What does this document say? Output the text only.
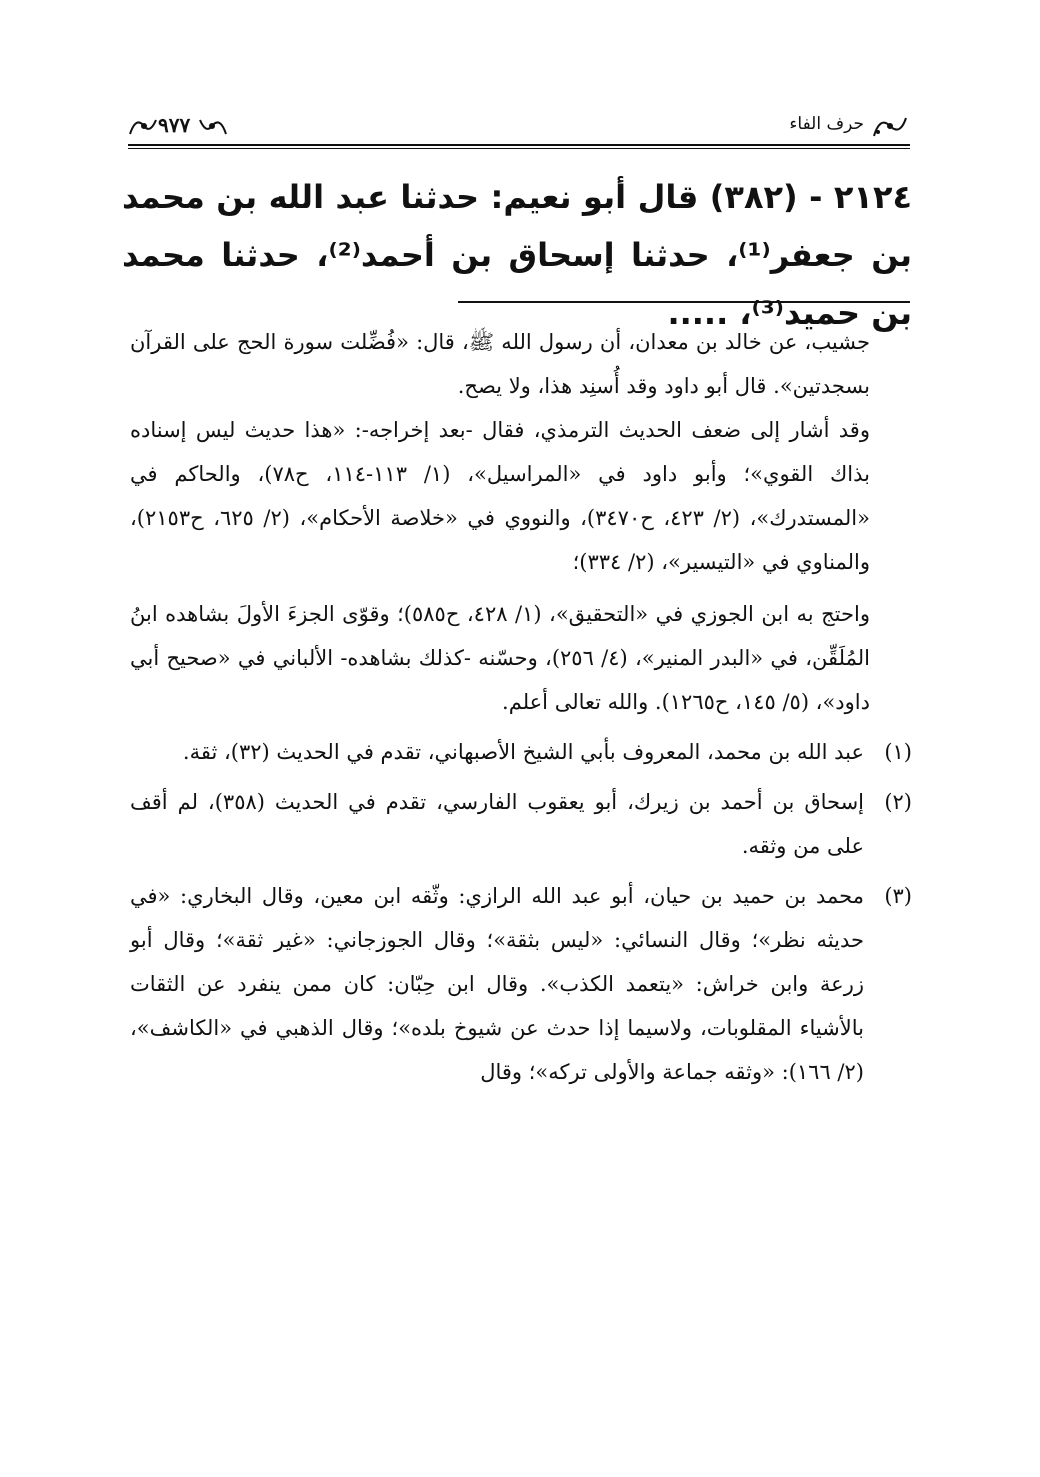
حرف الفاء
٩٧٧
٢١٢٤ - (٣٨٢) قال أبو نعيم: حدثنا عبد الله بن محمد بن جعفر⁽¹⁾، حدثنا إسحاق بن أحمد⁽²⁾، حدثنا محمد بن حميد⁽³⁾، .....

جشيب، عن خالد بن معدان، أن رسول الله ﷺ، قال: «فُضِّلت سورة الحج على القرآن بسجدتين». قال أبو داود وقد أُسنِد هذا، ولا يصح.

وقد أشار إلى ضعف الحديث الترمذي، فقال -بعد إخراجه-: «هذا حديث ليس إسناده بذاك القوي»؛ وأبو داود في «المراسيل»، (١/ ١١٣-١١٤، ح٧٨)، والحاكم في «المستدرك»، (٢/ ٤٢٣، ح٣٤٧٠)، والنووي في «خلاصة الأحكام»، (٢/ ٦٢٥، ح٢١٥٣)، والمناوي في «التيسير»، (٢/ ٣٣٤)؛

واحتج به ابن الجوزي في «التحقيق»، (١/ ٤٢٨، ح٥٨٥)؛ وقوّى الجزءَ الأولَ بشاهده ابنُ المُلَقِّن، في «البدر المنير»، (٤/ ٢٥٦)، وحسّنه -كذلك بشاهده- الألباني في «صحيح أبي داود»، (٥/ ١٤٥، ح١٢٦٥). والله تعالى أعلم.

(١)
عبد الله بن محمد، المعروف بأبي الشيخ الأصبهاني، تقدم في الحديث (٣٢)، ثقة.
(٢)
إسحاق بن أحمد بن زيرك، أبو يعقوب الفارسي، تقدم في الحديث (٣٥٨)، لم أقف على من وثقه.
(٣)
محمد بن حميد بن حيان، أبو عبد الله الرازي: وثّقه ابن معين، وقال البخاري: «في حديثه نظر»؛ وقال النسائي: «ليس بثقة»؛ وقال الجوزجاني: «غير ثقة»؛ وقال أبو زرعة وابن خراش: «يتعمد الكذب». وقال ابن حِبّان: كان ممن ينفرد عن الثقات بالأشياء المقلوبات، ولاسيما إذا حدث عن شيوخ بلده»؛ وقال الذهبي في «الكاشف»، (٢/ ١٦٦): «وثقه جماعة والأولى تركه»؛ وقال
